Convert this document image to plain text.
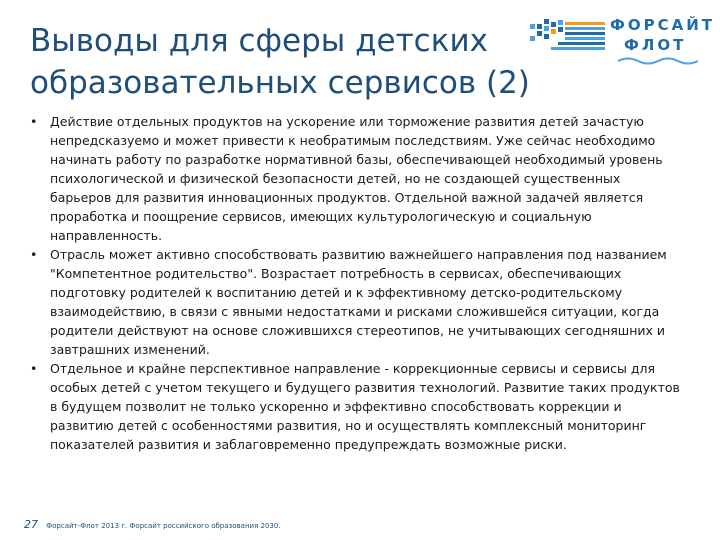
Выводы для сферы детских образовательных сервисов (2)
ФОРСАЙТ
ФЛОТ
• Действие отдельных продуктов на ускорение или торможение развития детей зачастую непредсказуемо и может привести к необратимым последствиям. Уже сейчас необходимо начинать работу по разработке нормативной базы, обеспечивающей необходимый уровень психологической и физической безопасности детей, но не создающей существенных барьеров для развития инновационных продуктов. Отдельной важной задачей является проработка и поощрение сервисов, имеющих культурологическую и социальную направленность.
• Отрасль может активно способствовать развитию важнейшего направления под названием "Компетентное родительство". Возрастает потребность в сервисах, обеспечивающих подготовку родителей к воспитанию детей и к эффективному детско-родительскому взаимодействию, в связи с явными недостатками и рисками сложившейся ситуации, когда родители действуют на основе сложившихся стереотипов, не учитывающих сегодняшних и завтрашних изменений.
• Отдельное и крайне перспективное направление - коррекционные сервисы и сервисы для особых детей с учетом текущего и будущего развития технологий. Развитие таких продуктов в будущем позволит не только ускоренно и эффективно способствовать коррекции и развитию детей с особенностями развития, но и осуществлять комплексный мониторинг показателей развития и заблаговременно предупреждать возможные риски.
27 Форсайт-Флот 2013 г. Форсайт российского образования 2030.
